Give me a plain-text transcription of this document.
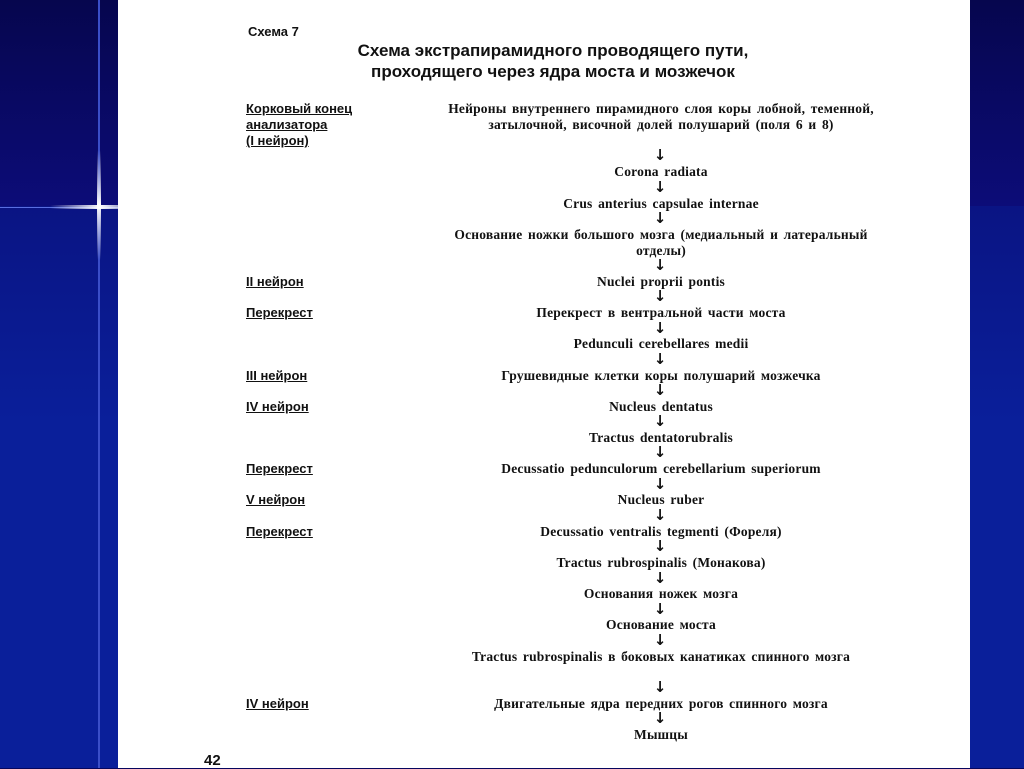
Схема 7
Схема экстрапирамидного проводящего пути,
проходящего через ядра моста и мозжечок
Корковый конец
анализатора
(I нейрон)
II нейрон
Перекрест
III нейрон
IV нейрон
Перекрест
V нейрон
Перекрест
IV нейрон
Нейроны внутреннего пирамидного слоя коры лобной, теменной, затылочной, височной долей полушарий (поля 6 и 8)
↓
Corona radiata
↓
Crus anterius capsulae internae
↓
Основание ножки большого мозга (медиальный и латеральный отделы)
↓
Nuclei proprii pontis
↓
Перекрест в вентральной части моста
↓
Pedunculi cerebellares medii
↓
Грушевидные клетки коры полушарий мозжечка
↓
Nucleus dentatus
↓
Tractus dentatorubralis
↓
Decussatio pedunculorum cerebellarium superiorum
↓
Nucleus ruber
↓
Decussatio ventralis tegmenti (Фореля)
↓
Tractus rubrospinalis (Монакова)
↓
Основания ножек мозга
↓
Основание моста
↓
Tractus rubrospinalis в боковых канатиках спинного мозга
↓
Двигательные ядра передних рогов спинного мозга
↓
Мышцы
42
